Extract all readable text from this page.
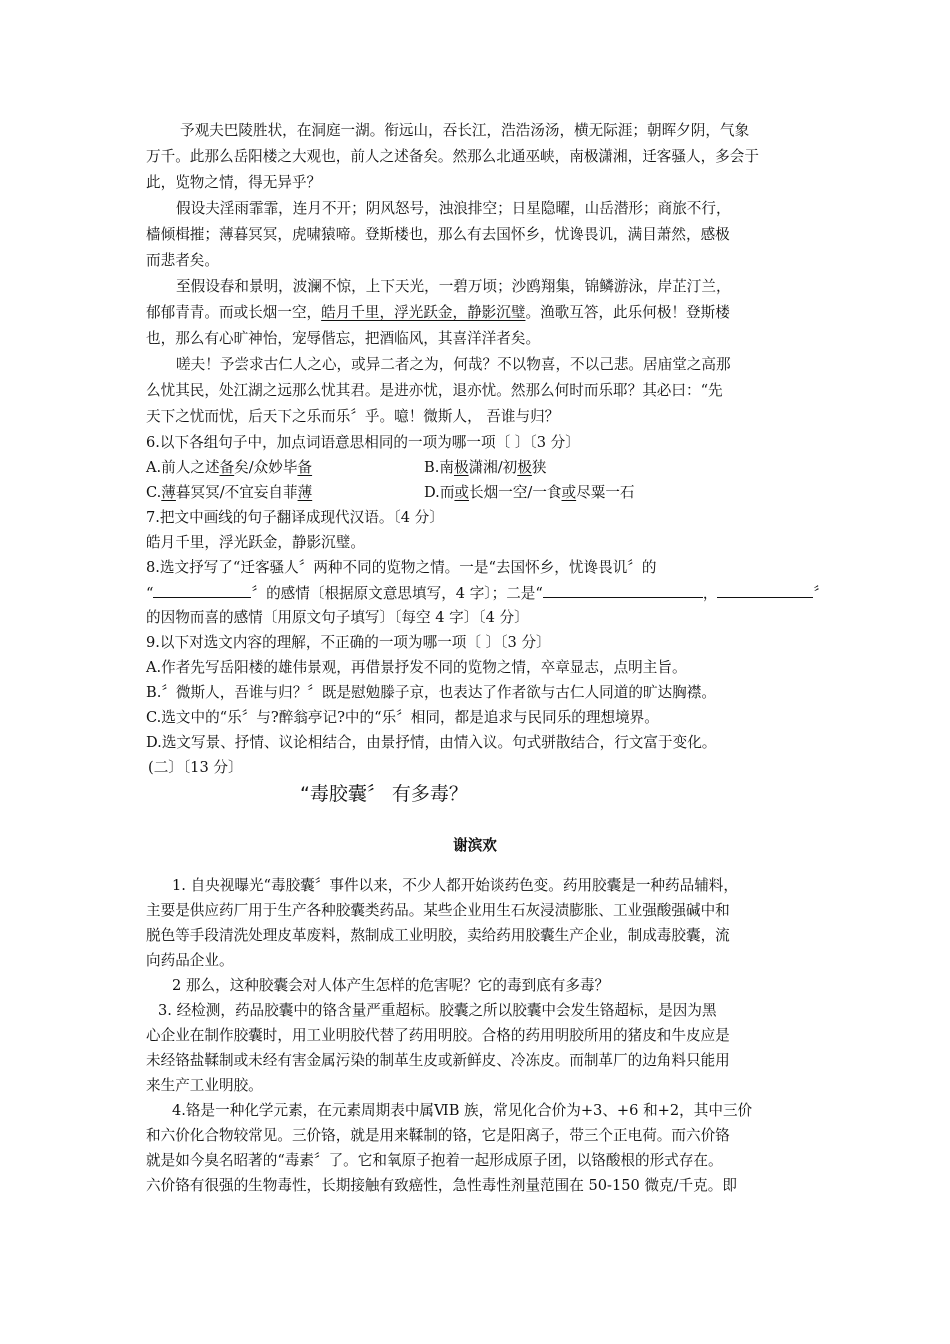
予观夫巴陵胜状，在洞庭一湖。衔远山，吞长江，浩浩汤汤，横无际涯；朝晖夕阴，气象
万千。此那么岳阳楼之大观也，前人之述备矣。然那么北通巫峡，南极潇湘，迁客骚人，多会于
此，览物之情，得无异乎？
假设夫淫雨霏霏，连月不开；阴风怒号，浊浪排空；日星隐曜，山岳潜形；商旅不行，
樯倾楫摧；薄暮冥冥，虎啸猿啼。登斯楼也，那么有去国怀乡，忧谗畏讥，满目萧然，感极
而悲者矣。
至假设春和景明，波澜不惊，上下天光，一碧万顷；沙鸥翔集，锦鳞游泳，岸芷汀兰，
郁郁青青。而或长烟一空，皓月千里，浮光跃金，静影沉璧。渔歌互答，此乐何极！登斯楼
也，那么有心旷神怡，宠辱偕忘，把酒临风，其喜洋洋者矣。
嗟夫！予尝求古仁人之心，或异二者之为，何哉？不以物喜，不以己悲。居庙堂之高那
么忧其民，处江湖之远那么忧其君。是进亦忧，退亦忧。然那么何时而乐耶？其必曰：“先
天下之忧而忧，后天下之乐而乐〞乎。噫！微斯人， 吾谁与归？
6.以下各组句子中，加点词语意思相同的一项为哪一项〔 〕〔3 分〕
A.前人之述备矣/众妙毕备	B.南极潇湘/初极狭
C.薄暮冥冥/不宜妄自菲薄	D.而或长烟一空/一食或尽粟一石
7.把文中画线的句子翻译成现代汉语。〔4 分〕
皓月千里，浮光跃金，静影沉璧。
8.选文抒写了“迁客骚人〞两种不同的览物之情。一是“去国怀乡，忧谗畏讥〞的
“	〞的感情〔根据原文意思填写，4 字〕；二是“	，	〞
的因物而喜的感情〔用原文句子填写〕〔每空 4 字〕〔4 分〕
9.以下对选文内容的理解，不正确的一项为哪一项〔 〕〔3 分〕
A.作者先写岳阳楼的雄伟景观，再借景抒发不同的览物之情，卒章显志，点明主旨。
B.〞微斯人，吾谁与归？〞既是慰勉滕子京，也表达了作者欲与古仁人同道的旷达胸襟。
C.选文中的“乐〞与?醉翁亭记?中的“乐〞相同，都是追求与民同乐的理想境界。
D.选文写景、抒情、议论相结合，由景抒情，由情入议。句式骈散结合，行文富于变化。
(二〕〔13 分〕
“毒胶囊〞 有多毒？
谢滨欢
1. 自央视曝光“毒胶囊〞事件以来，不少人都开始谈药色变。药用胶囊是一种药品辅料，
主要是供应药厂用于生产各种胶囊类药品。某些企业用生石灰浸渍膨胀、工业强酸强碱中和
脱色等手段清洗处理皮革废料，熬制成工业明胶，卖给药用胶囊生产企业，制成毒胶囊，流
向药品企业。
2 那么，这种胶囊会对人体产生怎样的危害呢？它的毒到底有多毒？
3. 经检测，药品胶囊中的铬含量严重超标。胶囊之所以胶囊中会发生铬超标，是因为黑
心企业在制作胶囊时，用工业明胶代替了药用明胶。合格的药用明胶所用的猪皮和牛皮应是
未经铬盐鞣制或未经有害金属污染的制革生皮或新鲜皮、冷冻皮。而制革厂的边角料只能用
来生产工业明胶。
4.铬是一种化学元素，在元素周期表中属ⅥB 族，常见化合价为+3、+6 和+2，其中三价
和六价化合物较常见。三价铬，就是用来鞣制的铬，它是阳离子，带三个正电荷。而六价铬
就是如今臭名昭著的“毒素〞了。它和氧原子抱着一起形成原子团，以铬酸根的形式存在。
六价铬有很强的生物毒性，长期接触有致癌性，急性毒性剂量范围在 50-150 微克/千克。即
